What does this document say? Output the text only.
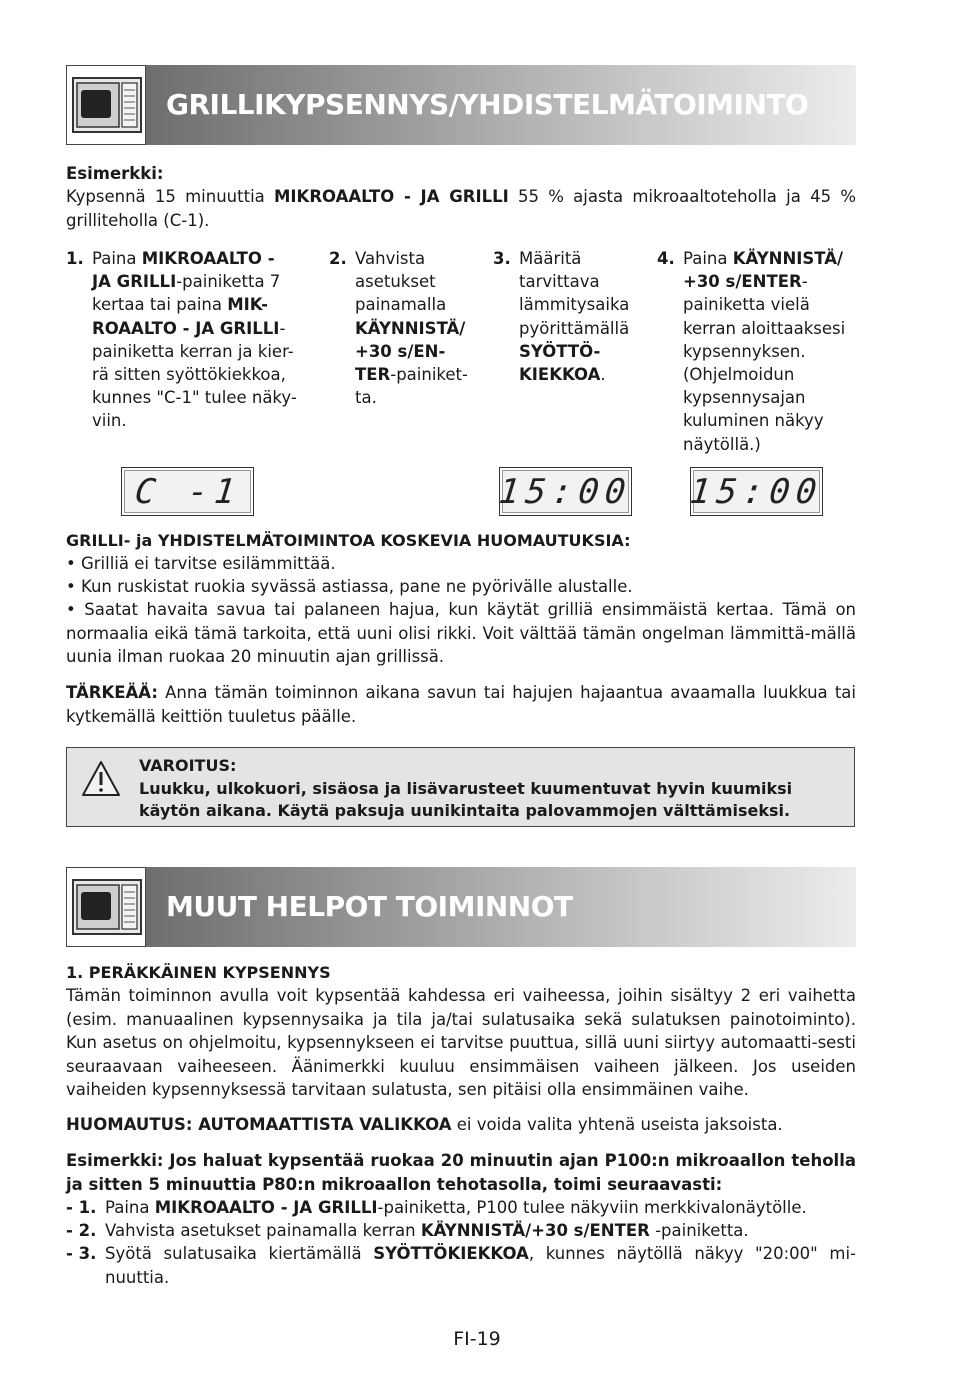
GRILLIKYPSENNYS/YHDISTELMÄTOIMINTO
Esimerkki:
Kypsennä 15 minuuttia MIKROAALTO - JA GRILLI 55 % ajasta mikroaaltoteholla ja 45 % grilliteholla (C-1).
1. Paina MIKROAALTO -
JA GRILLI-painiketta 7
kertaa tai paina MIK-
ROAALTO - JA GRILLI-
painiketta kerran ja kier-
rä sitten syöttökiekkoa,
kunnes "C-1" tulee näky-
viin.
2. Vahvista
asetukset
painamalla
KÄYNNISTÄ/
+30 s/EN-
TER-painiket-
ta.
3. Määritä
tarvittava
lämmitysaika
pyörittämällä
SYÖTTÖ-
KIEKKOA.
4. Paina KÄYNNISTÄ/
+30 s/ENTER-
painiketta vielä
kerran aloittaaksesi
kypsennyksen.
(Ohjelmoidun
kypsennysajan
kuluminen näkyy
näytöllä.)
C -1	15:00 15:00
GRILLI- ja YHDISTELMÄTOIMINTOA KOSKEVIA HUOMAUTUKSIA:
• Grilliä ei tarvitse esilämmittää.
• Kun ruskistat ruokia syvässä astiassa, pane ne pyörivälle alustalle.
• Saatat havaita savua tai palaneen hajua, kun käytät grilliä ensimmäistä kertaa. Tämä on normaalia eikä tämä tarkoita, että uuni olisi rikki. Voit välttää tämän ongelman lämmittä-mällä uunia ilman ruokaa 20 minuutin ajan grillissä.
TÄRKEÄÄ: Anna tämän toiminnon aikana savun tai hajujen hajaantua avaamalla luukkua tai kytkemällä keittiön tuuletus päälle.
VAROITUS:
Luukku, ulkokuori, sisäosa ja lisävarusteet kuumentuvat hyvin kuumiksi käytön aikana. Käytä paksuja uunikintaita palovammojen välttämiseksi.
MUUT HELPOT TOIMINNOT
1. PERÄKKÄINEN KYPSENNYS
Tämän toiminnon avulla voit kypsentää kahdessa eri vaiheessa, joihin sisältyy 2 eri vaihetta (esim. manuaalinen kypsennysaika ja tila ja/tai sulatusaika sekä sulatuksen painotoiminto). Kun asetus on ohjelmoitu, kypsennykseen ei tarvitse puuttua, sillä uuni siirtyy automaatti-sesti seuraavaan vaiheeseen. Äänimerkki kuuluu ensimmäisen vaiheen jälkeen. Jos useiden vaiheiden kypsennyksessä tarvitaan sulatusta, sen pitäisi olla ensimmäinen vaihe.
HUOMAUTUS: AUTOMAATTISTA VALIKKOA ei voida valita yhtenä useista jaksoista.
Esimerkki: Jos haluat kypsentää ruokaa 20 minuutin ajan P100:n mikroaallon teholla ja sitten 5 minuuttia P80:n mikroaallon tehotasolla, toimi seuraavasti:
- 1. Paina MIKROAALTO - JA GRILLI-painiketta, P100 tulee näkyviin merkkivalonäytölle.
- 2. Vahvista asetukset painamalla kerran KÄYNNISTÄ/+30 s/ENTER -painiketta.
- 3. Syötä sulatusaika kiertämällä SYÖTTÖKIEKKOA, kunnes näytöllä näkyy "20:00" mi-nuuttia.
FI-19
